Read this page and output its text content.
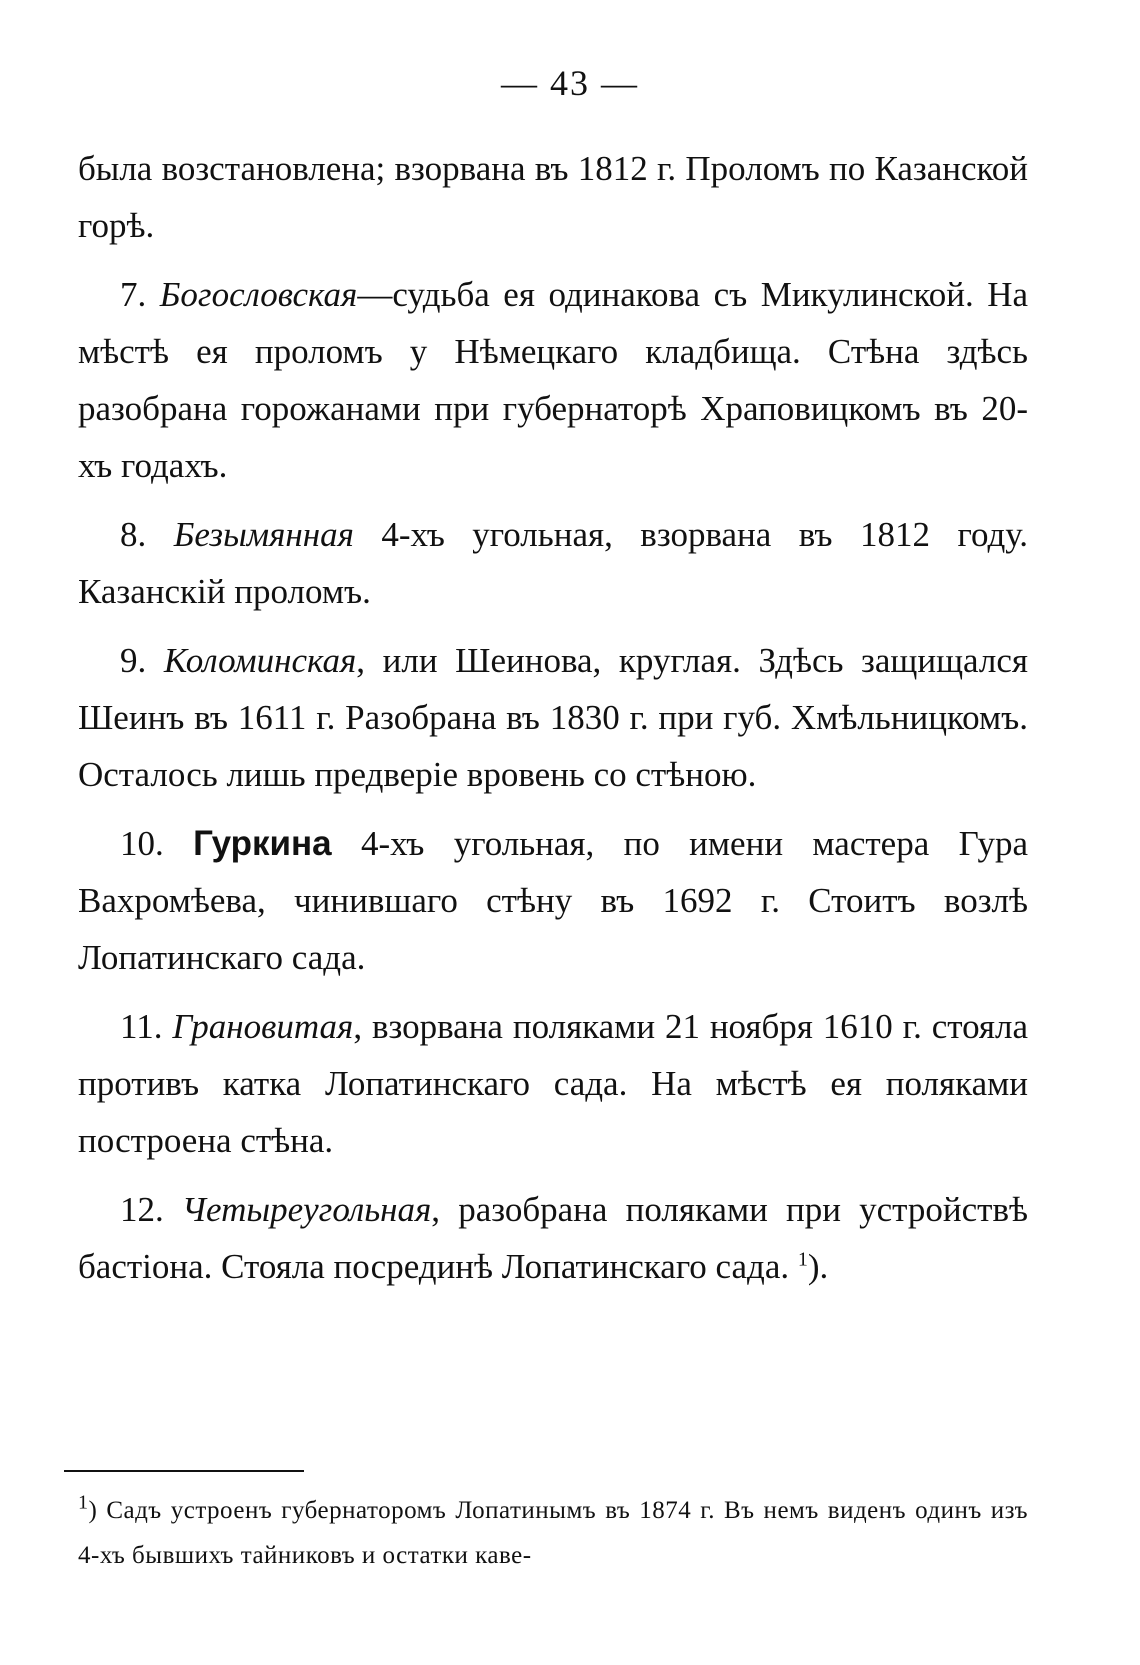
— 43 —

была возстановлена; взорвана въ 1812 г. Проломъ по Казанской горѣ.

7. Богословская—судьба ея одинакова съ Микулинской. На мѣстѣ ея проломъ у Нѣмецкаго кладбища. Стѣна здѣсь разобрана горожанами при губернаторѣ Храповицкомъ въ 20-хъ годахъ.

8. Безымянная 4-хъ угольная, взорвана въ 1812 году. Казанскій проломъ.

9. Коломинская, или Шеинова, круглая. Здѣсь защищался Шеинъ въ 1611 г. Разобрана въ 1830 г. при губ. Хмѣльницкомъ. Осталось лишь предверіе вровень со стѣною.

10. Гуркина 4-хъ угольная, по имени мастера Гура Вахромѣева, чинившаго стѣну въ 1692 г. Стоитъ возлѣ Лопатинскаго сада.

11. Грановитая, взорвана поляками 21 ноября 1610 г. стояла противъ катка Лопатинскаго сада. На мѣстѣ ея поляками построена стѣна.

12. Четыреугольная, разобрана поляками при устройствѣ бастіона. Стояла посрединѣ Лопатинскаго сада. $^1$).

$^1$) Садъ устроенъ губернаторомъ Лопатинымъ въ 1874 г. Въ немъ виденъ одинъ изъ 4-хъ бывшихъ тайниковъ и остатки каве-
